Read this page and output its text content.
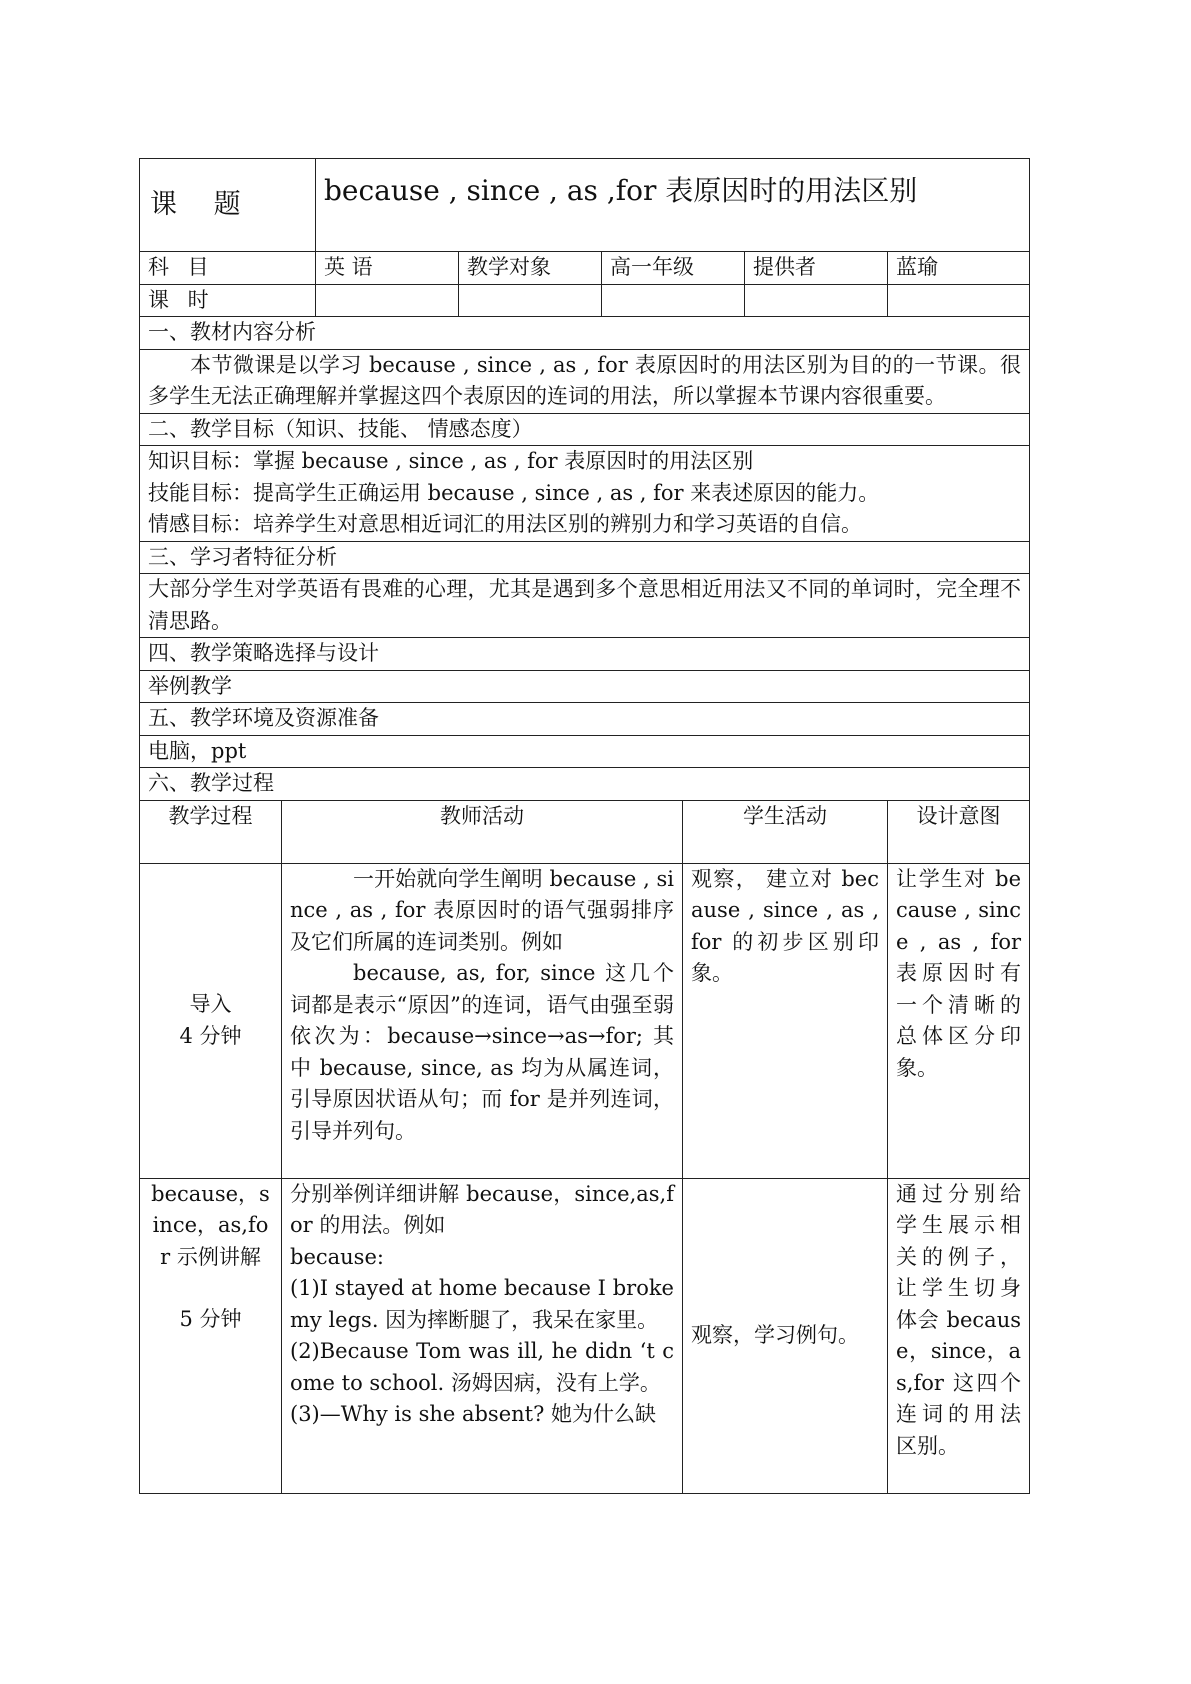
课 题		because , since , as ,for 表原因时的用法区别					
科 目		英 语	教学对象	高一年级		提供者	蓝瑜
课 时							
一、教材内容分析							
本节微课是以学习 because , since , as , for 表原因时的用法区别为目的的一节课。很多学生无法正确理解并掌握这四个表原因的连词的用法，所以掌握本节课内容很重要。							
二、教学目标（知识、技能、 情感态度）							

知识目标：掌握 because , since , as , for 表原因时的用法区别
技能目标：提高学生正确运用 because , since , as , for 来表述原因的能力。
情感目标：培养学生对意思相近词汇的用法区别的辨别力和学习英语的自信。							

三、学习者特征分析							
大部分学生对学英语有畏难的心理，尤其是遇到多个意思相近用法又不同的单词时，完全理不清思路。							
四、教学策略选择与设计							
举例教学							
五、教学环境及资源准备							
电脑，ppt							
六、教学过程							
教学过程	教师活动				学生活动		设计意图

导入
4 分钟	一开始就向学生阐明 because , since , as , for 表原因时的语气强弱排序及它们所属的连词类别。例如
because, as, for, since 这几个词都是表示“原因”的连词，语气由强至弱依次为：because→since→as→for; 其中 because, since, as 均为从属连词，引导原因状语从句；而 for 是并列连词，引导并列句。				观察， 建立对 because , since , as , for 的初步区别印象。		让学生对 because , since , as , for 表原因时有一个清晰的总体区分印象。

because，since，as,for 示例讲解
5 分钟	分别举例详细讲解 because，since,as,for 的用法。例如
because:
(1)I stayed at home because I broke my legs. 因为摔断腿了，我呆在家里。
(2)Because Tom was ill, he didn ‘t come to school. 汤姆因病，没有上学。
(3)—Why is she absent? 她为什么缺				观察，学习例句。		通过分别给学生展示相关的例子，让学生切身体会 because，since，as,for 这四个连词的用法区别。
